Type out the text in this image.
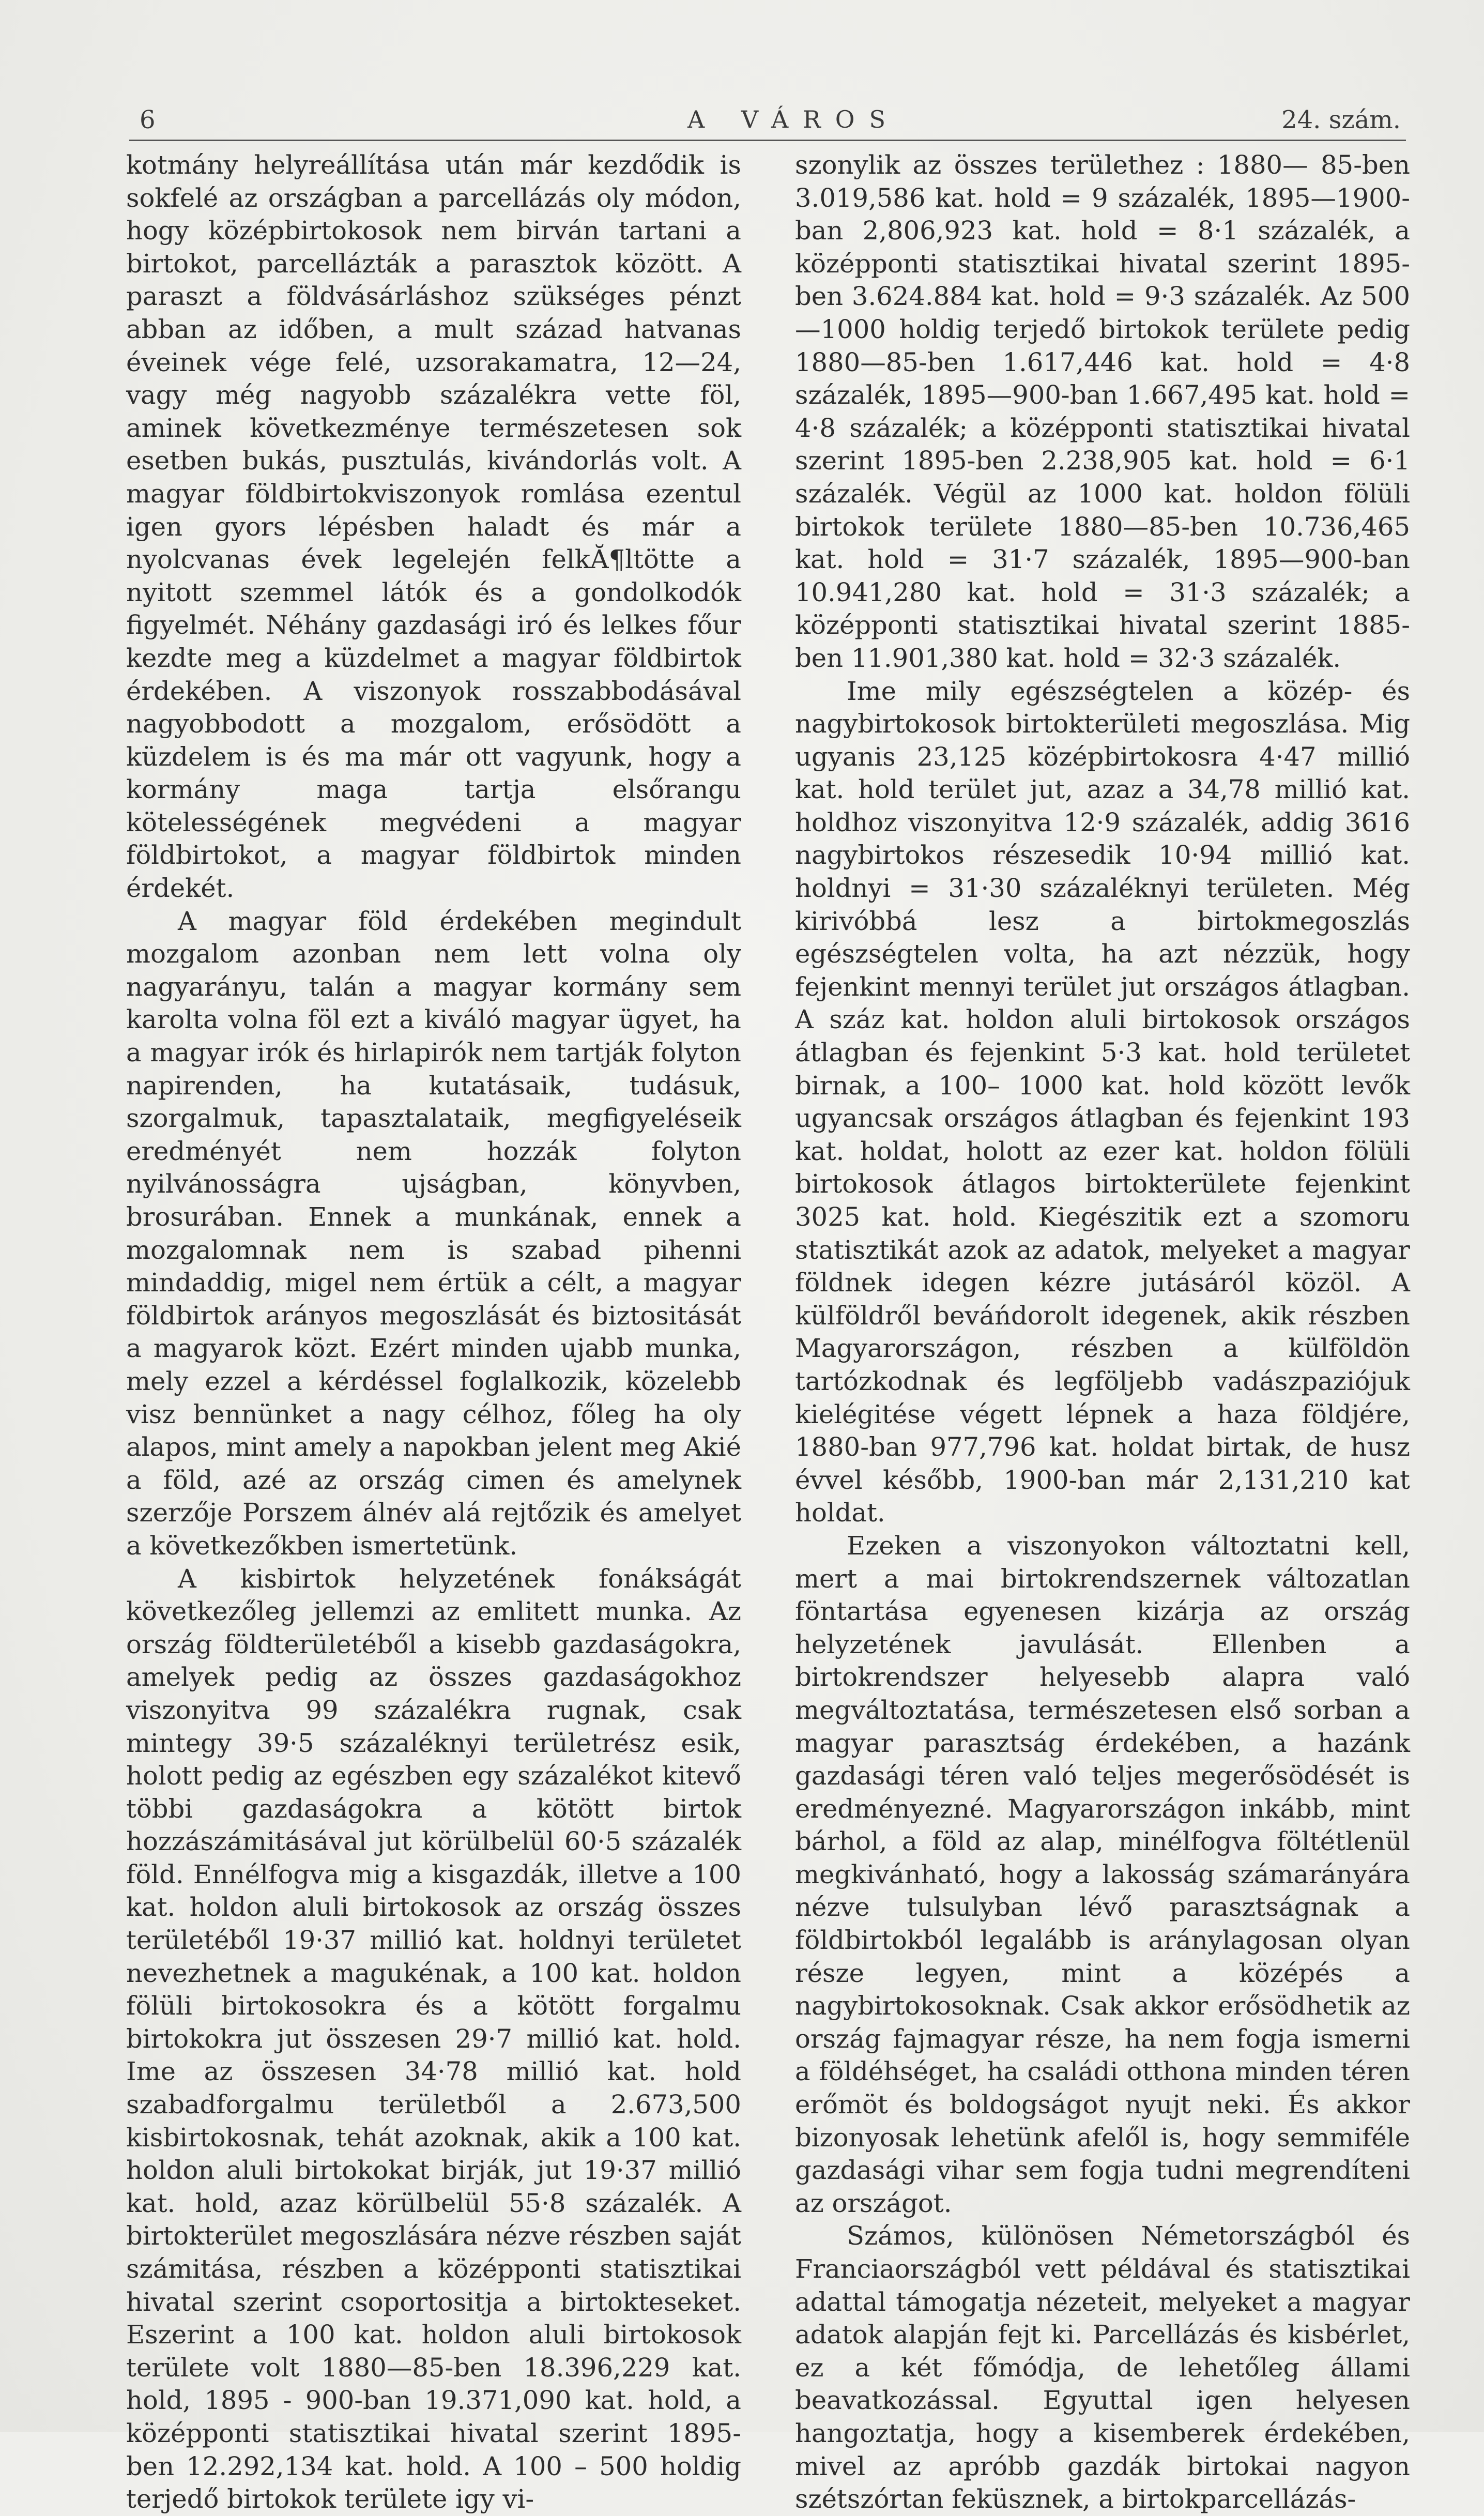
6	A VÁROS	24. szám.

kotmány helyreállítása után már kezdődik is sokfelé az országban a parcellázás oly módon, hogy középbirtokosok nem birván tartani a birtokot, parcellázták a parasztok között. A paraszt a földvásárláshoz szükséges pénzt abban az időben, a mult század hatvanas éveinek vége felé, uzsorakamatra, 12—24, vagy még nagyobb százalékra vette föl, aminek következménye természetesen sok esetben bukás, pusztulás, kivándorlás volt. A magyar földbirtokviszonyok romlása ezentul igen gyors lépésben haladt és már a nyolcvanas évek legelején felkĂ¶ltötte a nyitott szemmel látók és a gondolkodók figyelmét. Néhány gazdasági iró és lelkes főur kezdte meg a küzdelmet a magyar földbirtok érdekében. A viszonyok rosszabbodásával nagyobbodott a mozgalom, erősödött a küzdelem is és ma már ott vagyunk, hogy a kormány maga tartja elsőrangu kötelességének megvédeni a magyar földbirtokot, a magyar földbirtok minden érdekét.

A magyar föld érdekében megindult mozgalom azonban nem lett volna oly nagyarányu, talán a magyar kormány sem karolta volna föl ezt a kiváló magyar ügyet, ha a magyar irók és hirlapirók nem tartják folyton napirenden, ha kutatásaik, tudásuk, szorgalmuk, tapasztalataik, megfigyeléseik eredményét nem hozzák folyton nyilvánosságra ujságban, könyvben, brosurában. Ennek a munkának, ennek a mozgalomnak nem is szabad pihenni mindaddig, migel nem értük a célt, a magyar földbirtok arányos megoszlását és biztositását a magyarok közt. Ezért minden ujabb munka, mely ezzel a kérdéssel foglalkozik, közelebb visz bennünket a nagy célhoz, főleg ha oly alapos, mint amely a napokban jelent meg Akié a föld, azé az ország cimen és amelynek szerzője Porszem álnév alá rejtőzik és amelyet a következőkben ismertetünk.

A kisbirtok helyzetének fonákságát következőleg jellemzi az emlitett munka. Az ország földterületéből a kisebb gazdaságokra, amelyek pedig az összes gazdaságokhoz viszonyitva 99 százalékra rugnak, csak mintegy 39·5 százaléknyi területrész esik, holott pedig az egészben egy százalékot kitevő többi gazdaságokra a kötött birtok hozzászámitásával jut körülbelül 60·5 százalék föld. Ennélfogva mig a kisgazdák, illetve a 100 kat. holdon aluli birtokosok az ország összes területéből 19·37 millió kat. holdnyi területet nevezhetnek a magukénak, a 100 kat. holdon fölüli birtokosokra és a kötött forgalmu birtokokra jut összesen 29·7 millió kat. hold. Ime az összesen 34·78 millió kat. hold szabadforgalmu területből a 2.673,500 kisbirtokosnak, tehát azoknak, akik a 100 kat. holdon aluli birtokokat birják, jut 19·37 millió kat. hold, azaz körülbelül 55·8 százalék. A birtokterület megoszlására nézve részben saját számitása, részben a középponti statisztikai hivatal szerint csoportositja a birtokteseket. Eszerint a 100 kat. holdon aluli birtokosok területe volt 1880—85-ben 18.396,229 kat. hold, 1895 - 900-ban 19.371,090 kat. hold, a középponti statisztikai hivatal szerint 1895-ben 12.292,134 kat. hold. A 100 – 500 holdig terjedő birtokok területe igy vi-

szonylik az összes területhez : 1880— 85-ben 3.019,586 kat. hold = 9 százalék, 1895—1900-ban 2,806,923 kat. hold = 8·1 százalék, a középponti statisztikai hivatal szerint 1895-ben 3.624.884 kat. hold = 9·3 százalék. Az 500—1000 holdig terjedő birtokok területe pedig 1880—85-ben 1.617,446 kat. hold = 4·8 százalék, 1895—900-ban 1.667,495 kat. hold = 4·8 százalék; a középponti statisztikai hivatal szerint 1895-ben 2.238,905 kat. hold = 6·1 százalék. Végül az 1000 kat. holdon fölüli birtokok területe 1880—85-ben 10.736,465 kat. hold = 31·7 százalék, 1895—900-ban 10.941,280 kat. hold = 31·3 százalék; a középponti statisztikai hivatal szerint 1885-ben 11.901,380 kat. hold = 32·3 százalék.

Ime mily egészségtelen a közép- és nagybirtokosok birtokterületi megoszlása. Mig ugyanis 23,125 középbirtokosra 4·47 millió kat. hold terület jut, azaz a 34,78 millió kat. holdhoz viszonyitva 12·9 százalék, addig 3616 nagybirtokos részesedik 10·94 millió kat. holdnyi = 31·30 százaléknyi területen. Még kirivóbbá lesz a birtokmegoszlás egészségtelen volta, ha azt nézzük, hogy fejenkint mennyi terület jut országos átlagban. A száz kat. holdon aluli birtokosok országos átlagban és fejenkint 5·3 kat. hold területet birnak, a 100– 1000 kat. hold között levők ugyancsak országos átlagban és fejenkint 193 kat. holdat, holott az ezer kat. holdon fölüli birtokosok átlagos birtokterülete fejenkint 3025 kat. hold. Kiegészitik ezt a szomoru statisztikát azok az adatok, melyeket a magyar földnek idegen kézre jutásáról közöl. A külföldről beváńdorolt idegenek, akik részben Magyarországon, részben a külföldön tartózkodnak és legföljebb vadászpaziójuk kielégitése végett lépnek a haza földjére, 1880-ban 977,796 kat. holdat birtak, de husz évvel később, 1900-ban már 2,131,210 kat holdat.

Ezeken a viszonyokon változtatni kell, mert a mai birtokrendszernek változatlan föntartása egyenesen kizárja az ország helyzetének javulását. Ellenben a birtokrendszer helyesebb alapra való megváltoztatása, természetesen első sorban a magyar parasztság érdekében, a hazánk gazdasági téren való teljes megerősödését is eredményezné. Magyarországon inkább, mint bárhol, a föld az alap, minélfogva föltétlenül megkivánható, hogy a lakosság számarányára nézve tulsulyban lévő parasztságnak a földbirtokból legalább is aránylagosan olyan része legyen, mint a középés a nagybirtokosoknak. Csak akkor erősödhetik az ország fajmagyar része, ha nem fogja ismerni a földéhséget, ha családi otthona minden téren erőmöt és boldogságot nyujt neki. És akkor bizonyosak lehetünk afelől is, hogy semmiféle gazdasági vihar sem fogja tudni megrendíteni az országot.

Számos, különösen Németországból és Franciaországból vett példával és statisztikai adattal támogatja nézeteit, melyeket a magyar adatok alapján fejt ki. Parcellázás és kisbérlet, ez a két főmódja, de lehetőleg állami beavatkozással. Egyuttal igen helyesen hangoztatja, hogy a kisemberek érdekében, mivel az apróbb gazdák birtokai nagyon szétszórtan feküsznek, a birtokparcellázás-
